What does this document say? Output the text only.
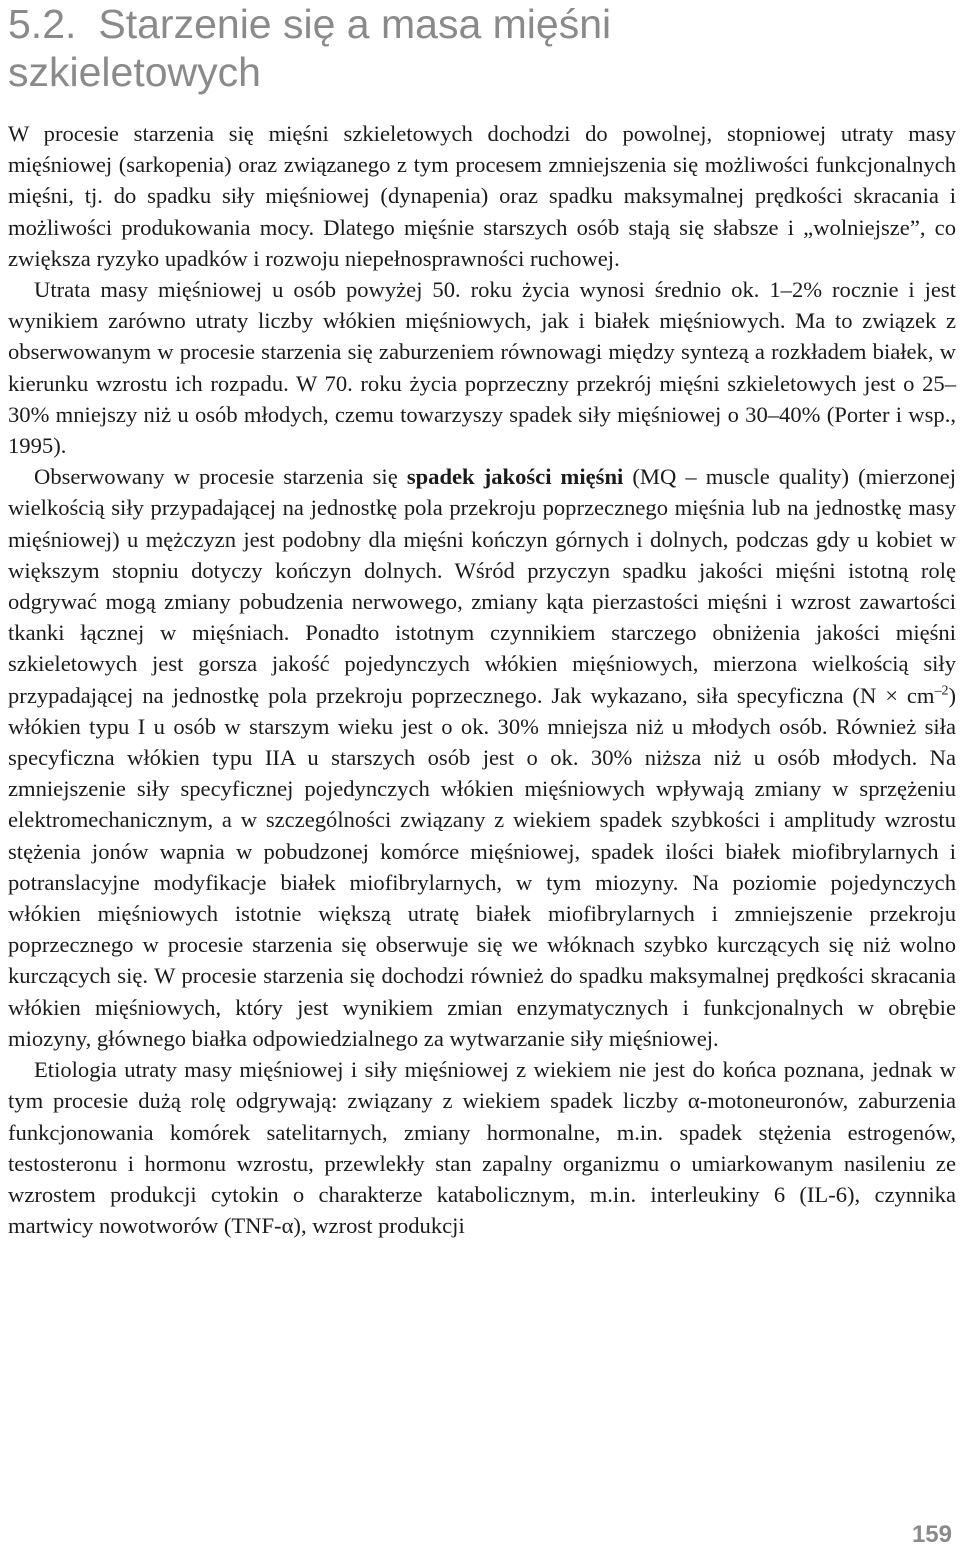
5.2. Starzenie się a masa mięśni
szkieletowych

W procesie starzenia się mięśni szkieletowych dochodzi do powolnej, stopniowej utraty masy mięśniowej (sarkopenia) oraz związanego z tym procesem zmniejszenia się możliwości funkcjonalnych mięśni, tj. do spadku siły mięśniowej (dynapenia) oraz spadku maksymalnej prędkości skracania i możliwości produkowania mocy. Dlatego mięśnie starszych osób stają się słabsze i „wolniejsze”, co zwiększa ryzyko upadków i rozwoju niepełnosprawności ruchowej.

Utrata masy mięśniowej u osób powyżej 50. roku życia wynosi średnio ok. 1–2% rocznie i jest wynikiem zarówno utraty liczby włókien mięśniowych, jak i białek mięśniowych. Ma to związek z obserwowanym w procesie starzenia się zaburzeniem równowagi między syntezą a rozkładem białek, w kierunku wzrostu ich rozpadu. W 70. roku życia poprzeczny przekrój mięśni szkieletowych jest o 25–30% mniejszy niż u osób młodych, czemu towarzyszy spadek siły mięśniowej o 30–40% (Porter i wsp., 1995).

Obserwowany w procesie starzenia się spadek jakości mięśni (MQ – muscle quality) (mierzonej wielkością siły przypadającej na jednostkę pola przekroju poprzecznego mięśnia lub na jednostkę masy mięśniowej) u mężczyzn jest podobny dla mięśni kończyn górnych i dolnych, podczas gdy u kobiet w większym stopniu dotyczy kończyn dolnych. Wśród przyczyn spadku jakości mięśni istotną rolę odgrywać mogą zmiany pobudzenia nerwowego, zmiany kąta pierzastości mięśni i wzrost zawartości tkanki łącznej w mięśniach. Ponadto istotnym czynnikiem starczego obniżenia jakości mięśni szkieletowych jest gorsza jakość pojedynczych włókien mięśniowych, mierzona wielkością siły przypadającej na jednostkę pola przekroju poprzecznego. Jak wykazano, siła specyficzna $(N \times cm^{-2})$ włókien typu I u osób w starszym wieku jest o ok. 30% mniejsza niż u młodych osób. Również siła specyficzna włókien typu IIA u starszych osób jest o ok. 30% niższa niż u osób młodych. Na zmniejszenie siły specyficznej pojedynczych włókien mięśniowych wpływają zmiany w sprzężeniu elektromechanicznym, a w szczególności związany z wiekiem spadek szybkości i amplitudy wzrostu stężenia jonów wapnia w pobudzonej komórce mięśniowej, spadek ilości białek miofibrylarnych i potranslacyjne modyfikacje białek miofibrylarnych, w tym miozyny. Na poziomie pojedynczych włókien mięśniowych istotnie większą utratę białek miofibrylarnych i zmniejszenie przekroju poprzecznego w procesie starzenia się obserwuje się we włóknach szybko kurczących się niż wolno kurczących się. W procesie starzenia się dochodzi również do spadku maksymalnej prędkości skracania włókien mięśniowych, który jest wynikiem zmian enzymatycznych i funkcjonalnych w obrębie miozyny, głównego białka odpowiedzialnego za wytwarzanie siły mięśniowej.

Etiologia utraty masy mięśniowej i siły mięśniowej z wiekiem nie jest do końca poznana, jednak w tym procesie dużą rolę odgrywają: związany z wiekiem spadek liczby α-motoneuronów, zaburzenia funkcjonowania komórek satelitarnych, zmiany hormonalne, m.in. spadek stężenia estrogenów, testosteronu i hormonu wzrostu, przewlekły stan zapalny organizmu o umiarkowanym nasileniu ze wzrostem produkcji cytokin o charakterze katabolicznym, m.in. interleukiny 6 (IL-6), czynnika martwicy nowotworów (TNF-α), wzrost produkcji

159
